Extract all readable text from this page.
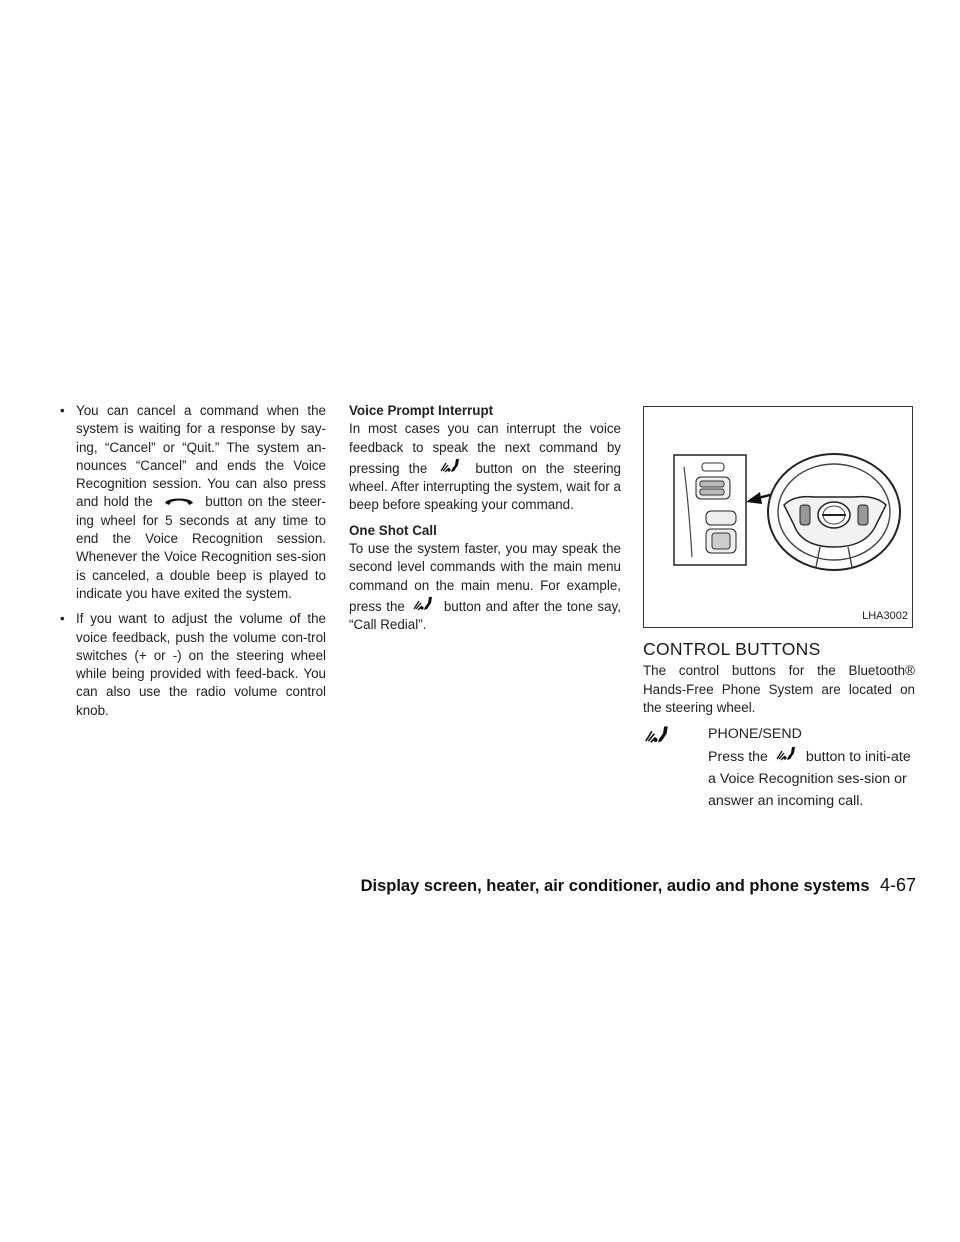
• You can cancel a command when the system is waiting for a response by say-ing, “Cancel” or “Quit.” The system an-nounces “Cancel” and ends the Voice Recognition session. You can also press and hold the	button on the steer-ing wheel for 5 seconds at any time to end the Voice Recognition session. Whenever the Voice Recognition ses-sion is canceled, a double beep is played to indicate you have exited the system.

• If you want to adjust the volume of the voice feedback, push the volume con-trol switches (+ or -) on the steering wheel while being provided with feed-back. You can also use the radio volume control knob.

Voice Prompt Interrupt

In most cases you can interrupt the voice feedback to speak the next command by pressing the	button on the steering wheel. After interrupting the system, wait for a beep before speaking your command.

One Shot Call

To use the system faster, you may speak the second level commands with the main menu command on the main menu. For example, press the	button and after the tone say, “Call Redial”.

LHA3002

CONTROL BUTTONS

The control buttons for the Bluetooth® Hands-Free Phone System are located on the steering wheel.

PHONE/SEND
Press the	button to initi-ate a Voice Recognition ses-sion or answer an incoming call.
Display screen, heater, air conditioner, audio and phone systems 4-67
